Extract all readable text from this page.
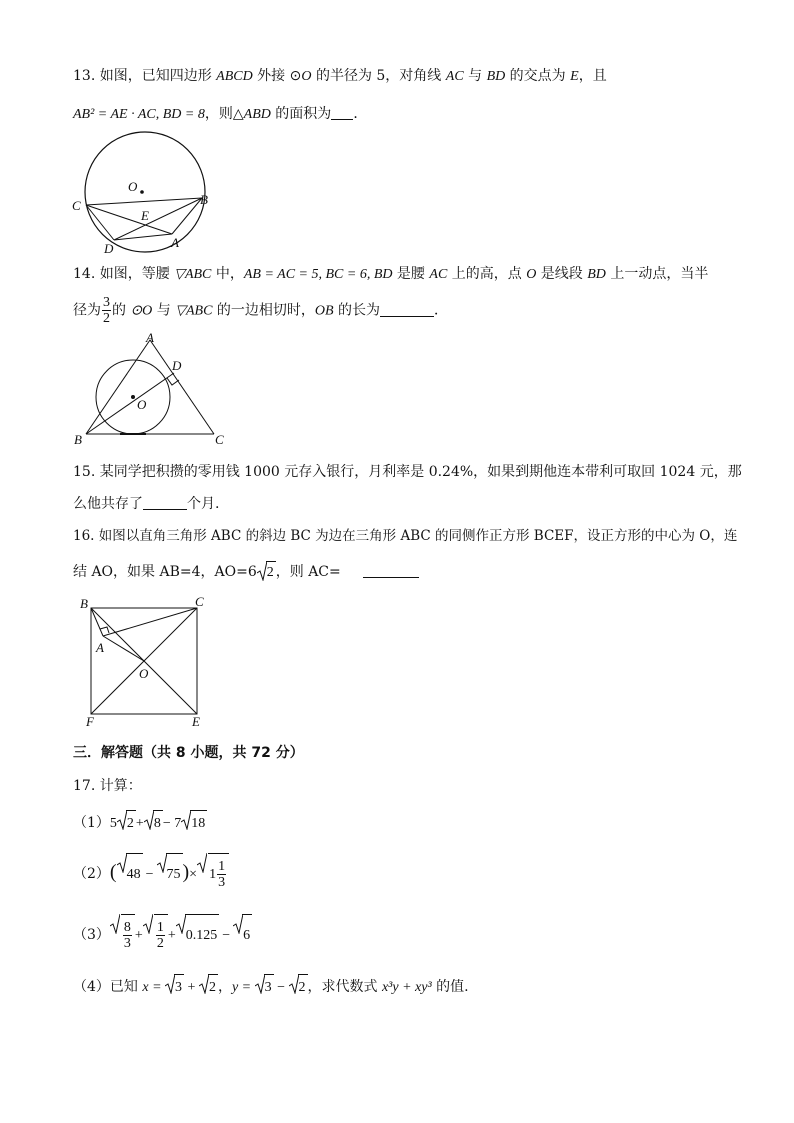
13. 如图，已知四边形 ABCD 外接 ⊙O 的半径为 5，对角线 AC 与 BD 的交点为 E，且
AB² = AE · AC, BD = 8，则△ABD 的面积为 ．
O
C	B
E
D	A
14. 如图，等腰 ▽ABC 中，AB = AC = 5, BC = 6, BD 是腰 AC 上的高，点 O 是线段 BD 上一动点，当半
径为 $\frac{3}{2}$ 的 ⊙O 与 ▽ABC 的一边相切时，OB 的长为	．
A
D
O
B	C
15. 某同学把积攒的零用钱 1000 元存入银行，月利率是 0.24%，如果到期他连本带利可取回 1024 元，那
么他共存了	个月.
16. 如图以直角三角形 ABC 的斜边 BC 为边在三角形 ABC 的同侧作正方形 BCEF，设正方形的中心为 O，连
结 AO，如果 AB=4，AO=6 2 ，则 AC=
B	C
A
O
F	E
三．解答题（共 8 小题，共 72 分）
17. 计算：
（1）5 2 + 8 − 7 18
（2）( 48 − 75 )× $1 \frac{1}{3}$
$(3) \frac{8}{3} + \frac{1}{2} + 0.125 - 6$
（4）已知 x =
3 +
2 ，y =
3 −
2 ，求代数式 x³y + xy³ 的值.
